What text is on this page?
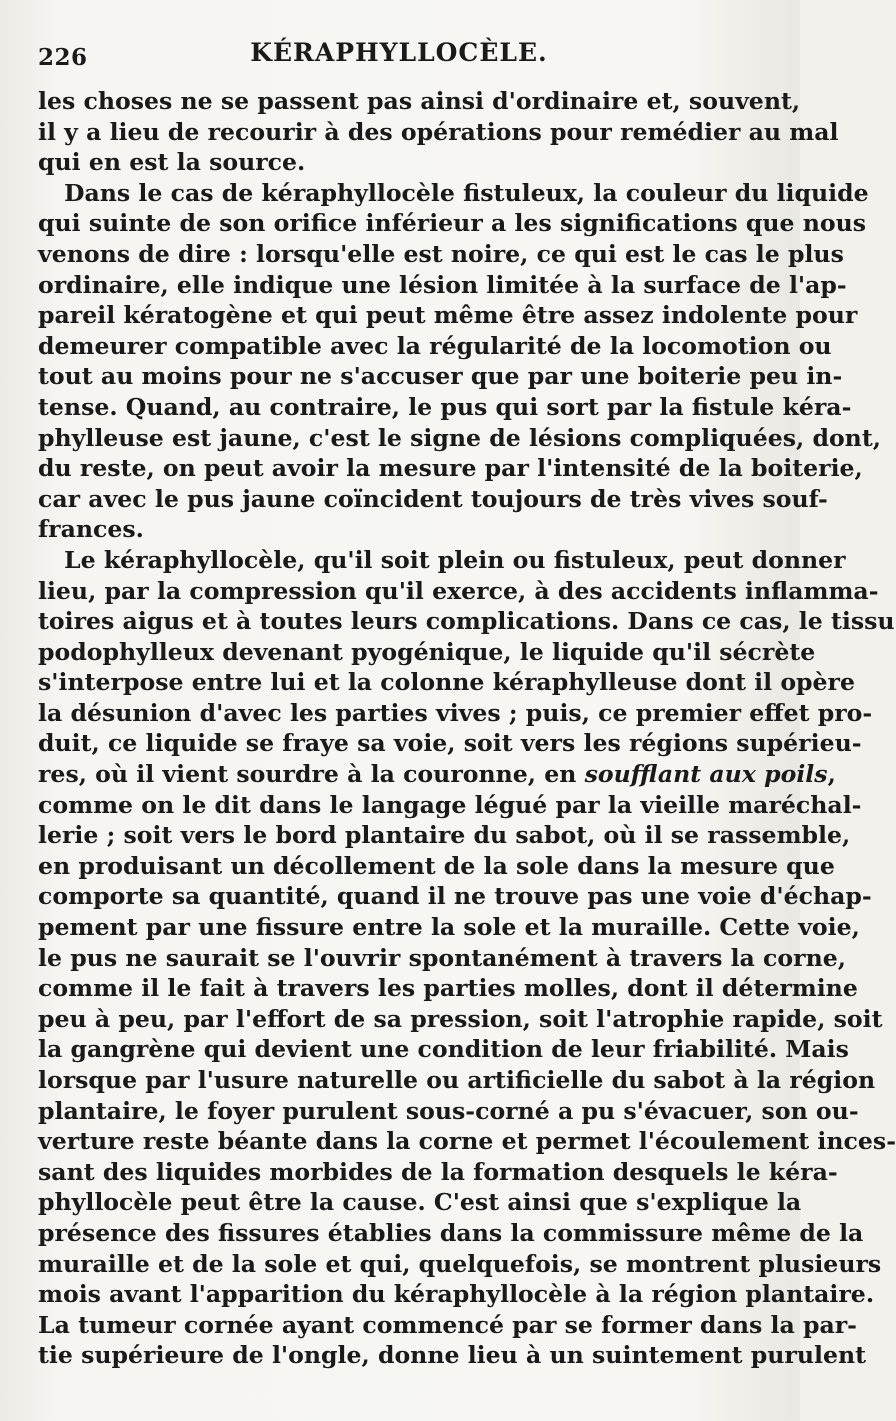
226	KÉRAPHYLLOCÈLE.
les choses ne se passent pas ainsi d'ordinaire et, souvent,
il y a lieu de recourir à des opérations pour remédier au mal
qui en est la source.
Dans le cas de kéraphyllocèle fistuleux, la couleur du liquide
qui suinte de son orifice inférieur a les significations que nous
venons de dire : lorsqu'elle est noire, ce qui est le cas le plus
ordinaire, elle indique une lésion limitée à la surface de l'ap-
pareil kératogène et qui peut même être assez indolente pour
demeurer compatible avec la régularité de la locomotion ou
tout au moins pour ne s'accuser que par une boiterie peu in-
tense. Quand, au contraire, le pus qui sort par la fistule kéra-
phylleuse est jaune, c'est le signe de lésions compliquées, dont,
du reste, on peut avoir la mesure par l'intensité de la boiterie,
car avec le pus jaune coïncident toujours de très vives souf-
frances.
Le kéraphyllocèle, qu'il soit plein ou fistuleux, peut donner
lieu, par la compression qu'il exerce, à des accidents inflamma-
toires aigus et à toutes leurs complications. Dans ce cas, le tissu
podophylleux devenant pyogénique, le liquide qu'il sécrète
s'interpose entre lui et la colonne kéraphylleuse dont il opère
la désunion d'avec les parties vives ; puis, ce premier effet pro-
duit, ce liquide se fraye sa voie, soit vers les régions supérieu-
res, où il vient sourdre à la couronne, en soufflant aux poils,
comme on le dit dans le langage légué par la vieille maréchal-
lerie ; soit vers le bord plantaire du sabot, où il se rassemble,
en produisant un décollement de la sole dans la mesure que
comporte sa quantité, quand il ne trouve pas une voie d'échap-
pement par une fissure entre la sole et la muraille. Cette voie,
le pus ne saurait se l'ouvrir spontanément à travers la corne,
comme il le fait à travers les parties molles, dont il détermine
peu à peu, par l'effort de sa pression, soit l'atrophie rapide, soit
la gangrène qui devient une condition de leur friabilité. Mais
lorsque par l'usure naturelle ou artificielle du sabot à la région
plantaire, le foyer purulent sous-corné a pu s'évacuer, son ou-
verture reste béante dans la corne et permet l'écoulement inces-
sant des liquides morbides de la formation desquels le kéra-
phyllocèle peut être la cause. C'est ainsi que s'explique la
présence des fissures établies dans la commissure même de la
muraille et de la sole et qui, quelquefois, se montrent plusieurs
mois avant l'apparition du kéraphyllocèle à la région plantaire.
La tumeur cornée ayant commencé par se former dans la par-
tie supérieure de l'ongle, donne lieu à un suintement purulent
